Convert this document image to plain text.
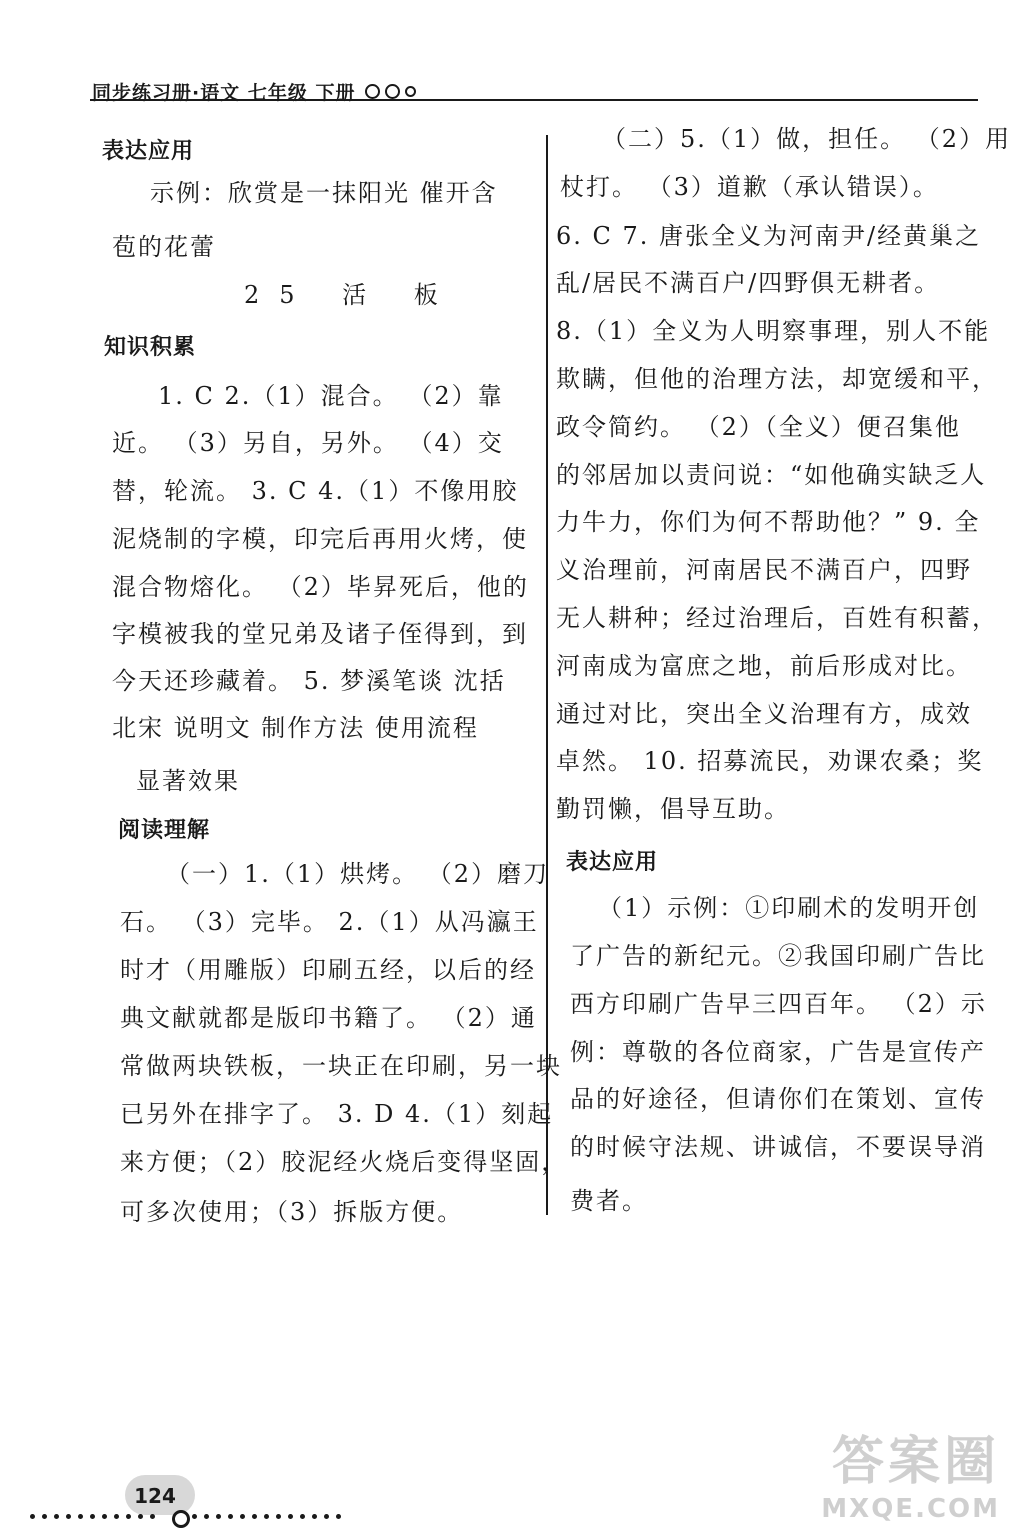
同步练习册·语文 七年级 下册
表达应用
示例：欣赏是一抹阳光 催开含
苞的花蕾
25 活 板
知识积累
1. C 2.（1）混合。 （2）靠
近。 （3）另自，另外。 （4）交
替，轮流。 3. C 4.（1）不像用胶
泥烧制的字模，印完后再用火烤，使
混合物熔化。 （2）毕昇死后，他的
字模被我的堂兄弟及诸子侄得到，到
今天还珍藏着。 5. 梦溪笔谈 沈括
北宋 说明文 制作方法 使用流程
显著效果
阅读理解
（一）1.（1）烘烤。 （2）磨刀
石。 （3）完毕。 2.（1）从冯瀛王
时才（用雕版）印刷五经，以后的经
典文献就都是版印书籍了。 （2）通
常做两块铁板，一块正在印刷，另一块
已另外在排字了。 3. D 4.（1）刻起
来方便；（2）胶泥经火烧后变得坚固，
可多次使用；（3）拆版方便。
（二）5.（1）做，担任。 （2）用
杖打。 （3）道歉（承认错误）。
6. C 7. 唐张全义为河南尹/经黄巢之
乱/居民不满百户/四野俱无耕者。
8.（1）全义为人明察事理，别人不能
欺瞒，但他的治理方法，却宽缓和平，
政令简约。 （2）（全义）便召集他
的邻居加以责问说：“如他确实缺乏人
力牛力，你们为何不帮助他？” 9. 全
义治理前，河南居民不满百户，四野
无人耕种；经过治理后，百姓有积蓄，
河南成为富庶之地，前后形成对比。
通过对比，突出全义治理有方，成效
卓然。 10. 招募流民，劝课农桑；奖
勤罚懒，倡导互助。
表达应用
（1）示例：①印刷术的发明开创
了广告的新纪元。②我国印刷广告比
西方印刷广告早三四百年。 （2）示
例：尊敬的各位商家，广告是宣传产
品的好途径，但请你们在策划、宣传
的时候守法规、讲诚信，不要误导消
费者。
124
答案圈
MXQE.COM
